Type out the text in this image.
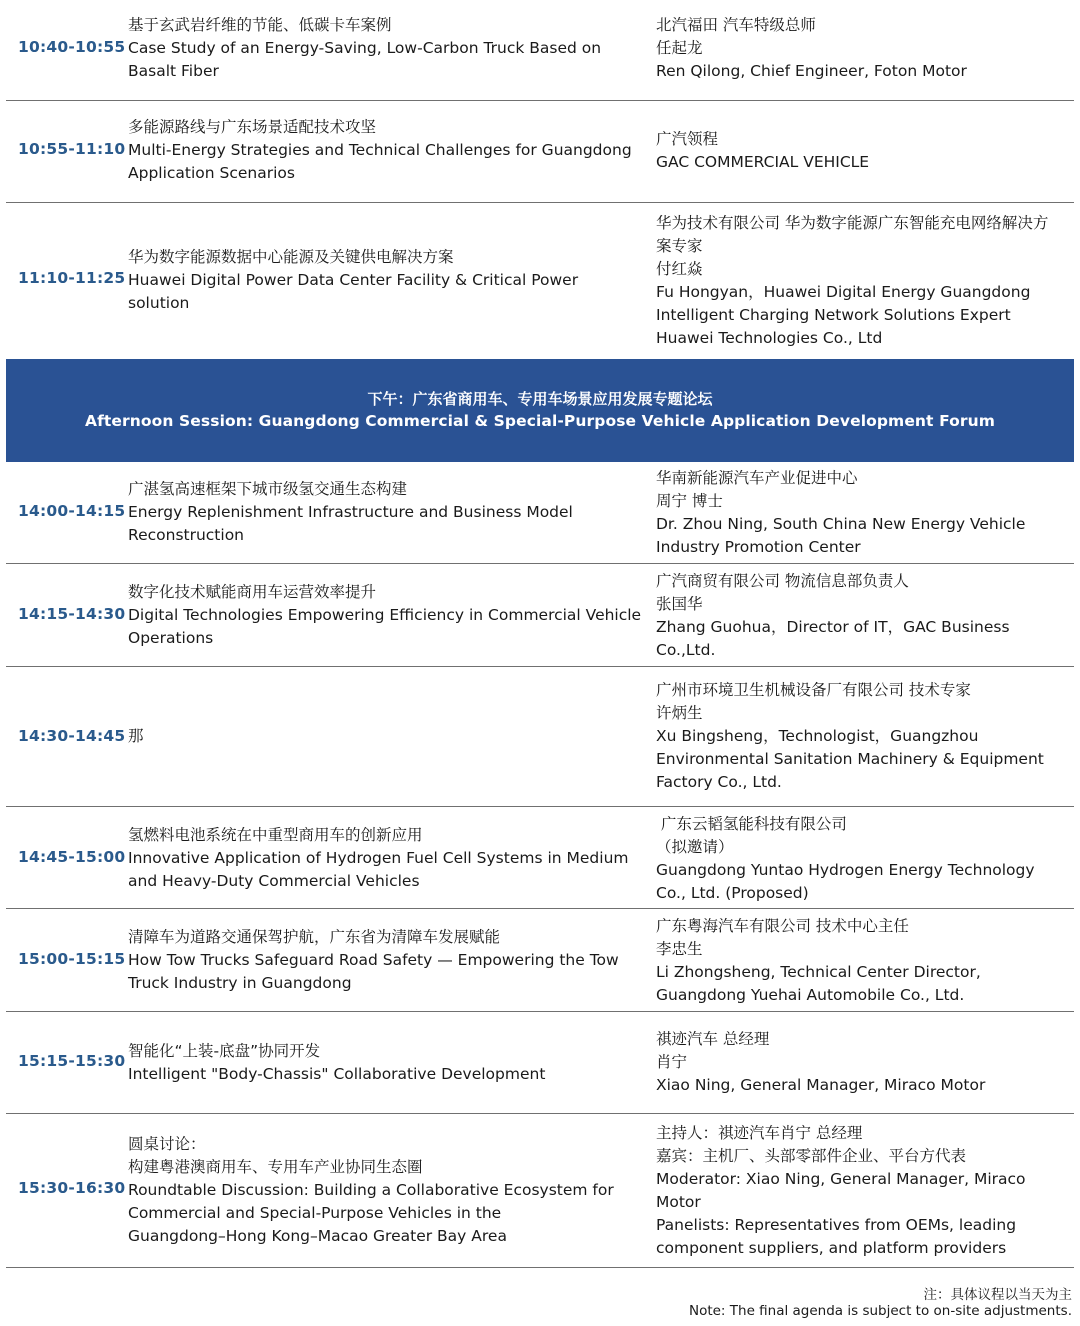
10:40-10:55
基于玄武岩纤维的节能、低碳卡车案例
Case Study of an Energy-Saving, Low-Carbon Truck Based on
Basalt Fiber
北汽福田 汽车特级总师
任起龙
Ren Qilong, Chief Engineer, Foton Motor
10:55-11:10
多能源路线与广东场景适配技术攻坚
Multi-Energy Strategies and Technical Challenges for Guangdong
Application Scenarios
广汽领程
GAC COMMERCIAL VEHICLE
11:10-11:25
华为数字能源数据中心能源及关键供电解决方案
Huawei Digital Power Data Center Facility & Critical Power
solution
华为技术有限公司 华为数字能源广东智能充电网络解决方
案专家
付红焱
Fu Hongyan，Huawei Digital Energy Guangdong
Intelligent Charging Network Solutions Expert
Huawei Technologies Co., Ltd
下午：广东省商用车、专用车场景应用发展专题论坛
Afternoon Session: Guangdong Commercial & Special-Purpose Vehicle Application Development Forum
14:00-14:15
广湛氢高速框架下城市级氢交通生态构建
Energy Replenishment Infrastructure and Business Model
Reconstruction
华南新能源汽车产业促进中心
周宁 博士
Dr. Zhou Ning, South China New Energy Vehicle
Industry Promotion Center
14:15-14:30
数字化技术赋能商用车运营效率提升
Digital Technologies Empowering Efficiency in Commercial Vehicle
Operations
广汽商贸有限公司 物流信息部负责人
张国华
Zhang Guohua，Director of IT，GAC Business
Co.,Ltd.
14:30-14:45 那
广州市环境卫生机械设备厂有限公司 技术专家
许炳生
Xu Bingsheng，Technologist，Guangzhou
Environmental Sanitation Machinery & Equipment
Factory Co., Ltd.
14:45-15:00
氢燃料电池系统在中重型商用车的创新应用
Innovative Application of Hydrogen Fuel Cell Systems in Medium
and Heavy-Duty Commercial Vehicles
广东云韬氢能科技有限公司
（拟邀请）
Guangdong Yuntao Hydrogen Energy Technology
Co., Ltd. (Proposed)
15:00-15:15
清障车为道路交通保驾护航，广东省为清障车发展赋能
How Tow Trucks Safeguard Road Safety — Empowering the Tow
Truck Industry in Guangdong
广东粤海汽车有限公司 技术中心主任
李忠生
Li Zhongsheng, Technical Center Director,
Guangdong Yuehai Automobile Co., Ltd.
15:15-15:30
智能化“上装-底盘”协同开发
Intelligent "Body-Chassis" Collaborative Development
祺迹汽车 总经理
肖宁
Xiao Ning, General Manager, Miraco Motor
15:30-16:30
圆桌讨论：
构建粤港澳商用车、专用车产业协同生态圈
Roundtable Discussion: Building a Collaborative Ecosystem for
Commercial and Special-Purpose Vehicles in the
Guangdong–Hong Kong–Macao Greater Bay Area
主持人：祺迹汽车肖宁 总经理
嘉宾：主机厂、头部零部件企业、平台方代表
Moderator: Xiao Ning, General Manager, Miraco
Motor
Panelists: Representatives from OEMs, leading
component suppliers, and platform providers
注：具体议程以当天为主
Note: The final agenda is subject to on-site adjustments.
